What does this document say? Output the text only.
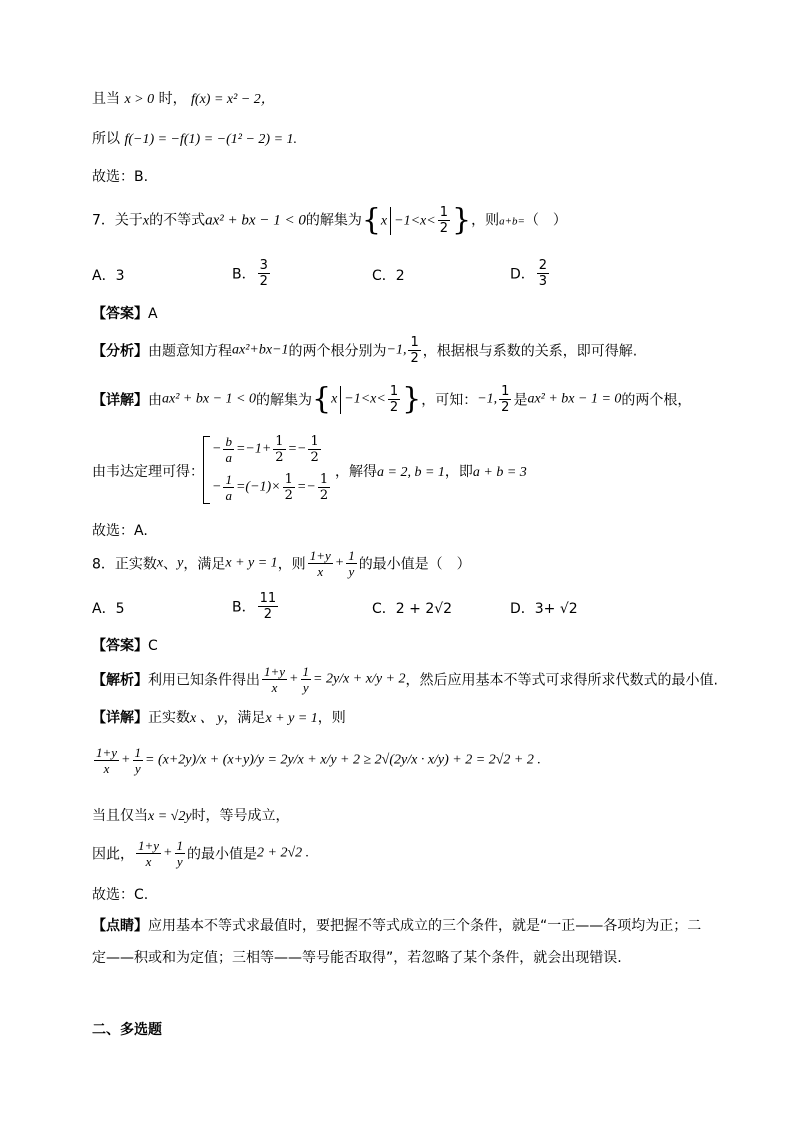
且当 x > 0 时， f(x) = x² − 2，
所以 f(−1) = −f(1) = −(1² − 2) = 1.
故选：B.
7．关于x的不等式ax² + bx − 1 < 0的解集为{$x -1<x< \frac{1}{2}$ }，则a+b=（　）
A．3	B． $\frac{3}{2}$	C．2	D． $\frac{2}{3}$
【答案】A
【分析】由题意知方程ax²+bx−1的两个根分别为−1, $\frac{1}{2}$ ，根据根与系数的关系，即可得解.
【详解】由ax² + bx − 1 < 0的解集为{$x -1<x< \frac{1}{2}$ }，可知：−1, $\frac{1}{2}$ 是ax² + bx − 1 = 0的两个根，
由韦达定理可得：
− $\frac{b}{a} =-1+ \frac{1}{2} =- \frac{1}{2}$
− $\frac{1}{a} =(-1)\times \frac{1}{2} =- \frac{1}{2}$ ，解得a = 2, b = 1，即a + b = 3
故选：A.
8．正实数x、y，满足x + y = 1，则 $\frac{1+y}{x} + \frac{1}{y}$ 的最小值是（　）
A．5	B． $\frac{11}{2}$	C．2 + 2√2	D．3+ √2
【答案】C
【解析】利用已知条件得出 $\frac{1+y}{x} + \frac{1}{y} = 2y/x + x/y + 2$，然后应用基本不等式可求得所求代数式的最小值.
【详解】正实数x 、 y，满足x + y = 1，则
$\frac{1+y}{x} + \frac{1}{y} = (x+2y)/x + (x+y)/y = 2y/x + x/y + 2 \ge 2√(2y/x \cdot x/y) + 2 = 2√2 + 2$ .
当且仅当x = √2y时，等号成立，
因此， $\frac{1+y}{x} + \frac{1}{y}$ 的最小值是2 + 2√2 .
故选：C.
【点睛】应用基本不等式求最值时，要把握不等式成立的三个条件，就是“一正——各项均为正；二
定——积或和为定值；三相等——等号能否取得”，若忽略了某个条件，就会出现错误.
二、多选题
